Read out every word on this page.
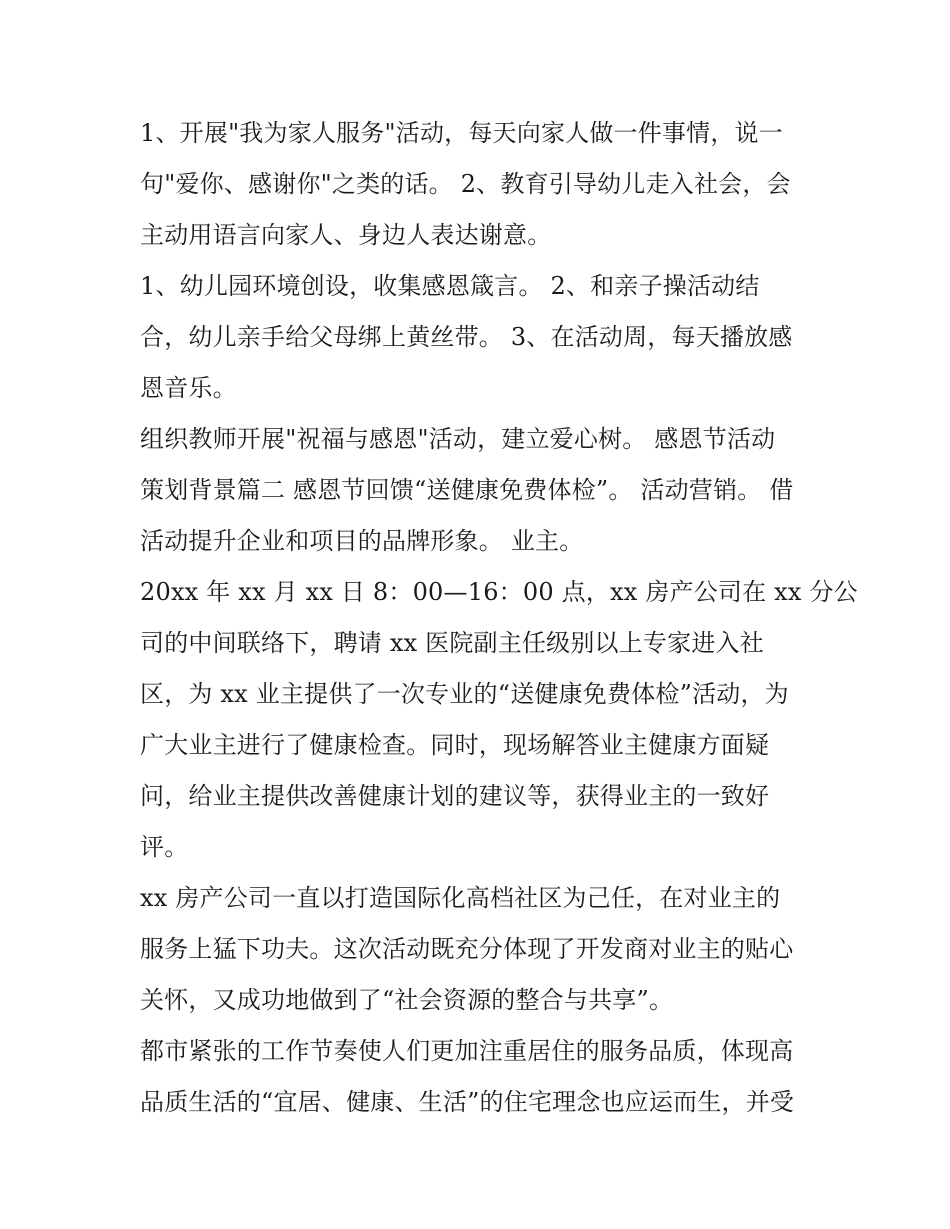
1、开展"我为家人服务"活动，每天向家人做一件事情，说一
句"爱你、感谢你"之类的话。 2、教育引导幼儿走入社会，会
主动用语言向家人、身边人表达谢意。
1、幼儿园环境创设，收集感恩箴言。 2、和亲子操活动结
合，幼儿亲手给父母绑上黄丝带。 3、在活动周，每天播放感
恩音乐。
组织教师开展"祝福与感恩"活动，建立爱心树。 感恩节活动
策划背景篇二 感恩节回馈“送健康免费体检”。 活动营销。 借
活动提升企业和项目的品牌形象。 业主。
20xx 年 xx 月 xx 日 8：00—16：00 点，xx 房产公司在 xx 分公
司的中间联络下，聘请 xx 医院副主任级别以上专家进入社
区，为 xx 业主提供了一次专业的“送健康免费体检”活动，为
广大业主进行了健康检查。同时，现场解答业主健康方面疑
问，给业主提供改善健康计划的建议等，获得业主的一致好
评。
xx 房产公司一直以打造国际化高档社区为己任，在对业主的
服务上猛下功夫。这次活动既充分体现了开发商对业主的贴心
关怀，又成功地做到了“社会资源的整合与共享”。
都市紧张的工作节奏使人们更加注重居住的服务品质，体现高
品质生活的“宜居、健康、生活”的住宅理念也应运而生，并受
